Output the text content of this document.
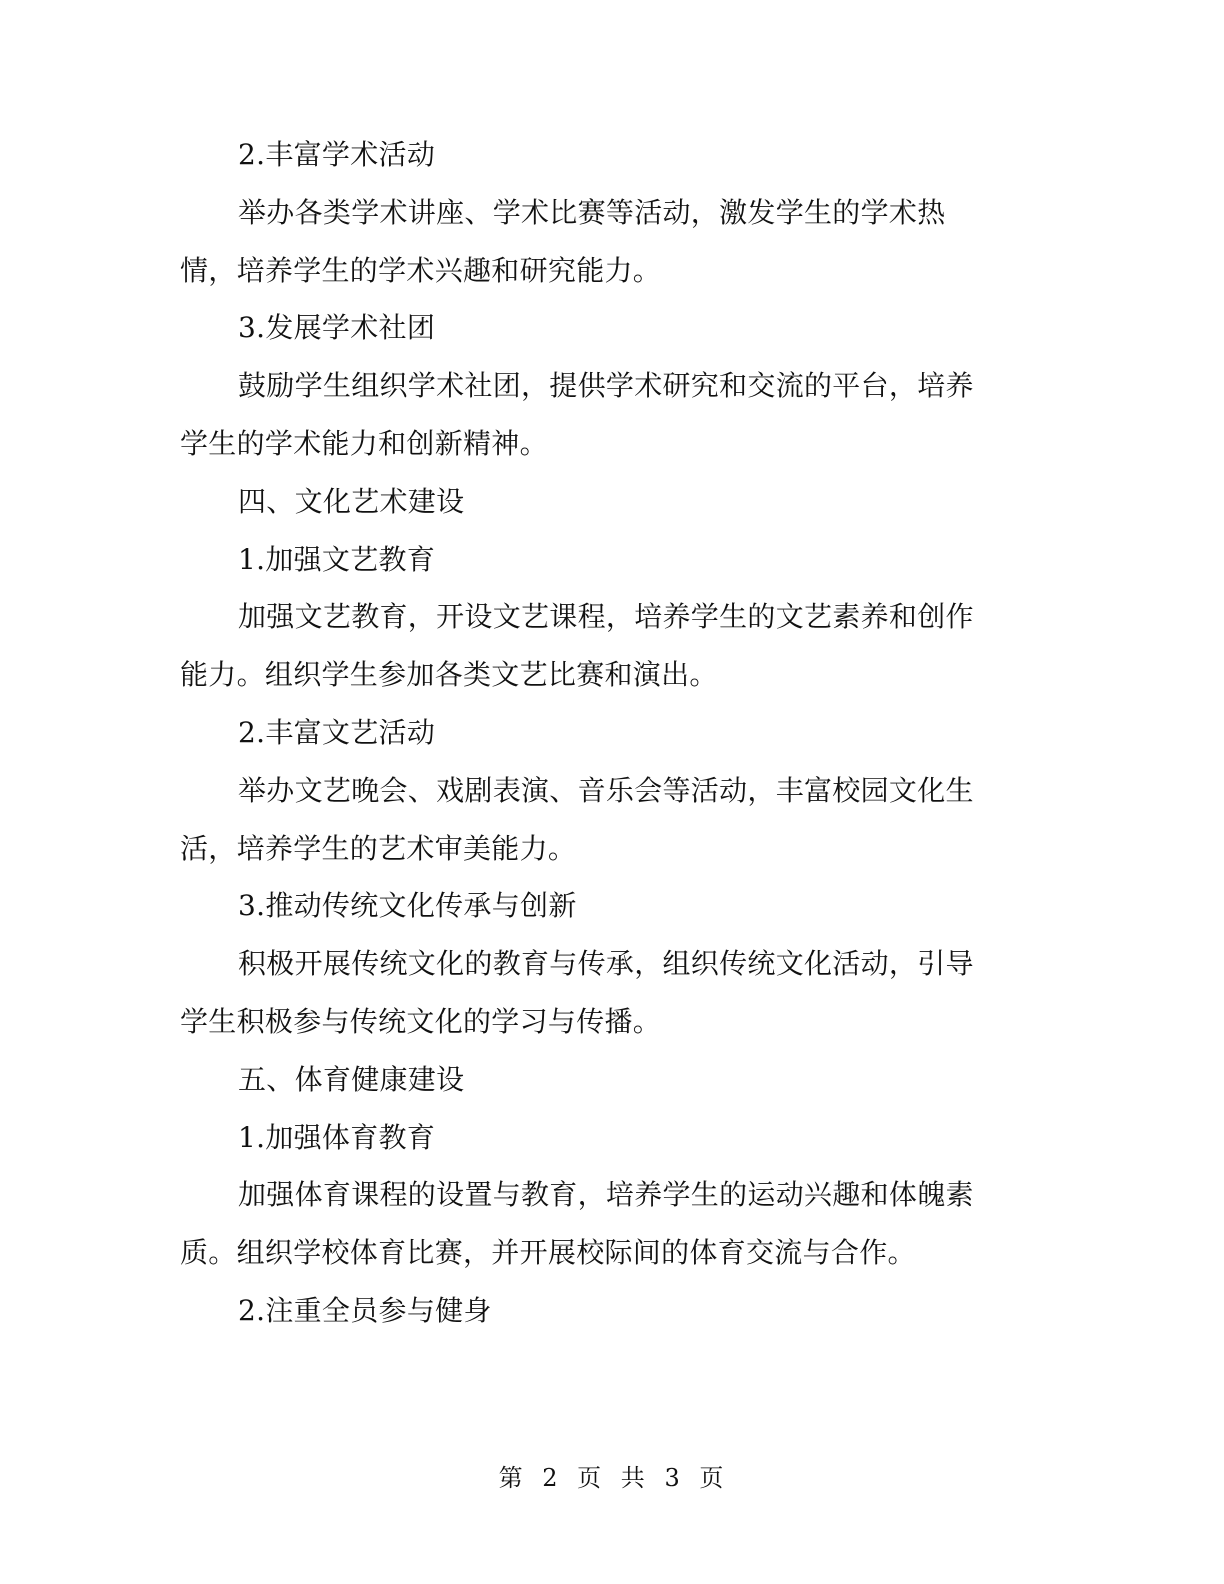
2.丰富学术活动
举办各类学术讲座、学术比赛等活动，激发学生的学术热
情，培养学生的学术兴趣和研究能力。
3.发展学术社团
鼓励学生组织学术社团，提供学术研究和交流的平台，培养
学生的学术能力和创新精神。
四、文化艺术建设
1.加强文艺教育
加强文艺教育，开设文艺课程，培养学生的文艺素养和创作
能力。组织学生参加各类文艺比赛和演出。
2.丰富文艺活动
举办文艺晚会、戏剧表演、音乐会等活动，丰富校园文化生
活，培养学生的艺术审美能力。
3.推动传统文化传承与创新
积极开展传统文化的教育与传承，组织传统文化活动，引导
学生积极参与传统文化的学习与传播。
五、体育健康建设
1.加强体育教育
加强体育课程的设置与教育，培养学生的运动兴趣和体魄素
质。组织学校体育比赛，并开展校际间的体育交流与合作。
2.注重全员参与健身
第 2 页 共 3 页
